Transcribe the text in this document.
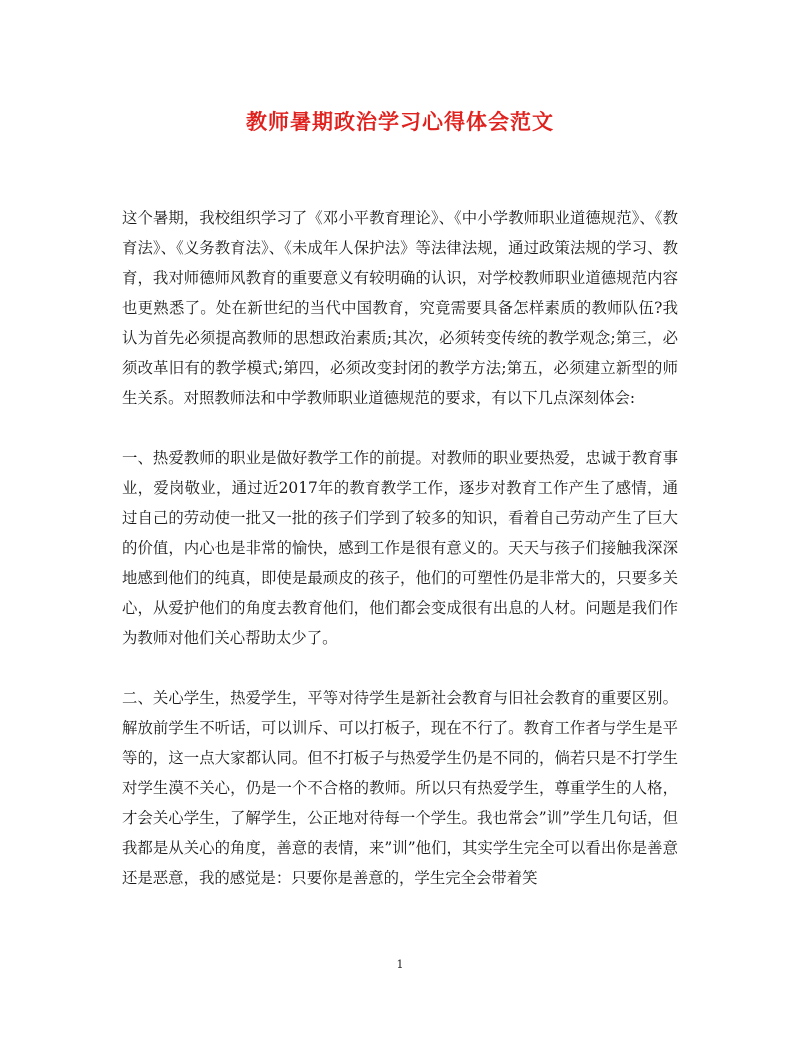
教师暑期政治学习心得体会范文

这个暑期，我校组织学习了《邓小平教育理论》、《中小学教师职业道德规范》、《教育法》、《义务教育法》、《未成年人保护法》等法律法规，通过政策法规的学习、教育，我对师德师风教育的重要意义有较明确的认识，对学校教师职业道德规范内容也更熟悉了。处在新世纪的当代中国教育，究竟需要具备怎样素质的教师队伍?我认为首先必须提高教师的思想政治素质;其次，必须转变传统的教学观念;第三，必须改革旧有的教学模式;第四，必须改变封闭的教学方法;第五，必须建立新型的师生关系。对照教师法和中学教师职业道德规范的要求，有以下几点深刻体会:

一、热爱教师的职业是做好教学工作的前提。对教师的职业要热爱，忠诚于教育事业，爱岗敬业，通过近2017年的教育教学工作，逐步对教育工作产生了感情，通过自己的劳动使一批又一批的孩子们学到了较多的知识，看着自己劳动产生了巨大的价值，内心也是非常的愉快，感到工作是很有意义的。天天与孩子们接触我深深地感到他们的纯真，即使是最顽皮的孩子，他们的可塑性仍是非常大的，只要多关心，从爱护他们的角度去教育他们，他们都会变成很有出息的人材。问题是我们作为教师对他们关心帮助太少了。

二、关心学生，热爱学生，平等对待学生是新社会教育与旧社会教育的重要区别。解放前学生不听话，可以训斥、可以打板子，现在不行了。教育工作者与学生是平等的，这一点大家都认同。但不打板子与热爱学生仍是不同的，倘若只是不打学生对学生漠不关心，仍是一个不合格的教师。所以只有热爱学生，尊重学生的人格，才会关心学生，了解学生，公正地对待每一个学生。我也常会”训”学生几句话，但我都是从关心的角度，善意的表情，来”训”他们，其实学生完全可以看出你是善意还是恶意，我的感觉是：只要你是善意的，学生完全会带着笑

1
